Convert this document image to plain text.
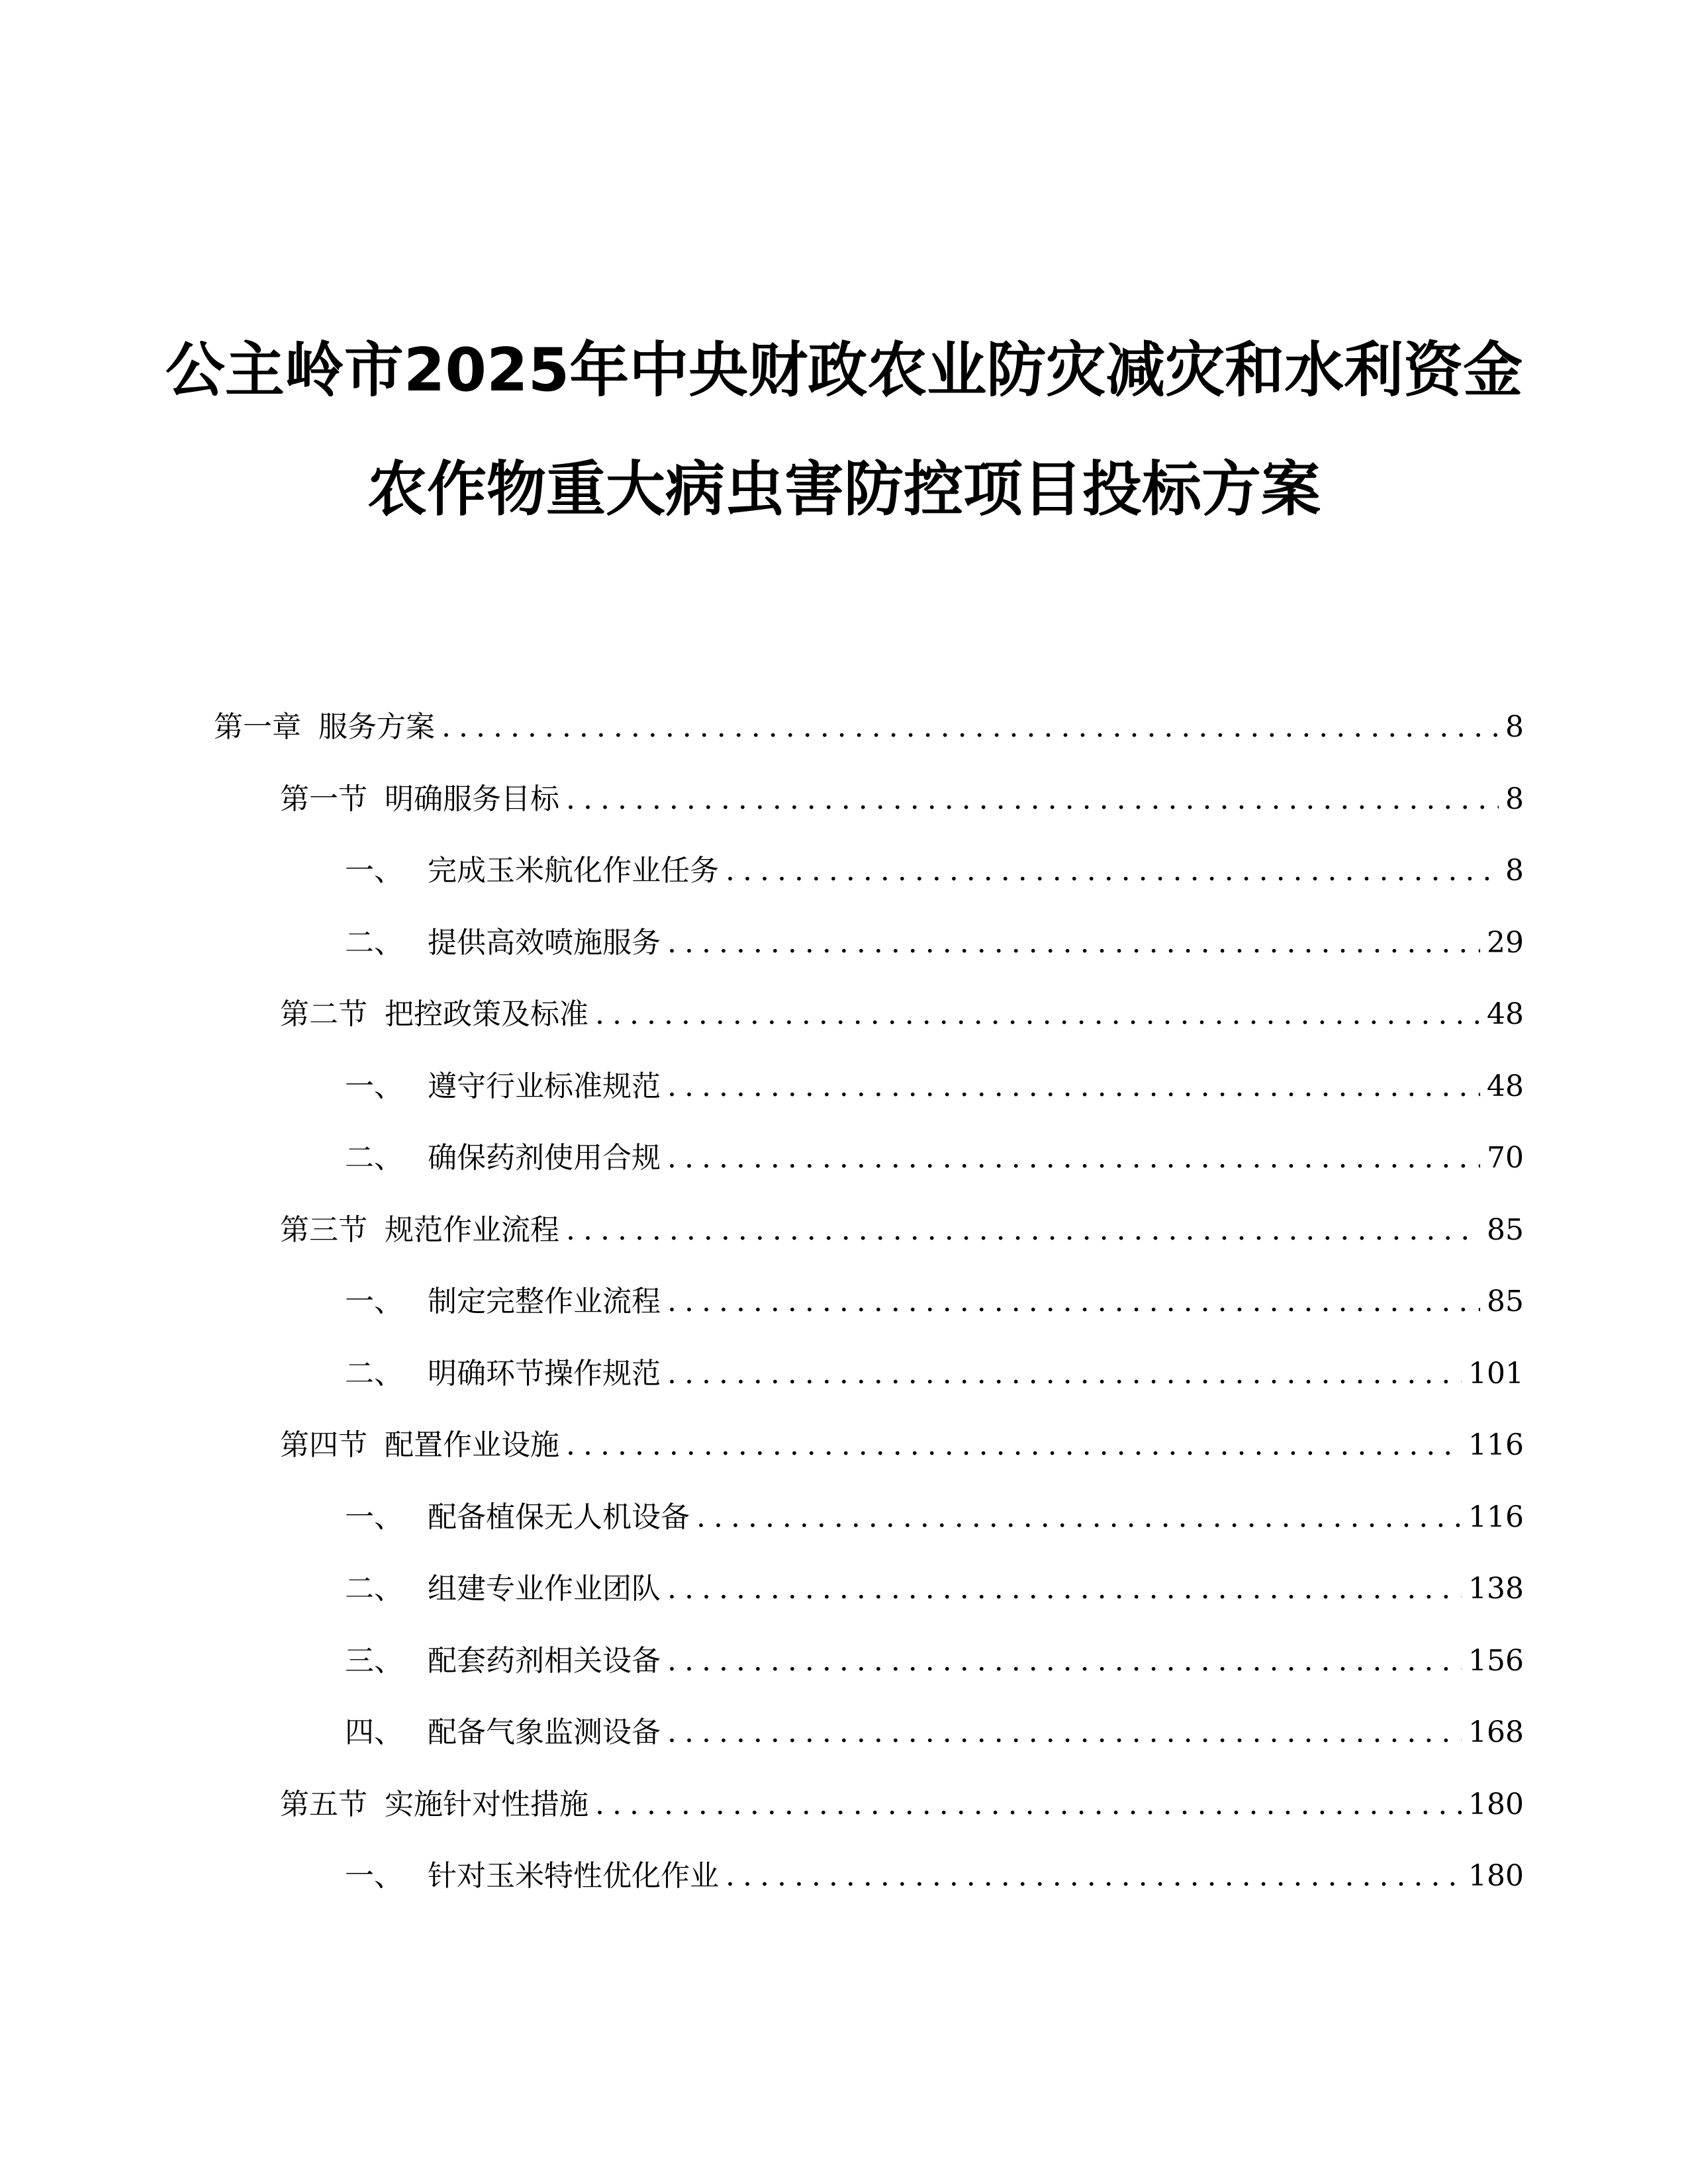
公主岭市2025年中央财政农业防灾减灾和水利资金
农作物重大病虫害防控项目投标方案
第一章 服务方案 .....	8
第一节 明确服务目标 .....	8
一、 完成玉米航化作业任务 .....	8
二、 提供高效喷施服务 .....	29
第二节 把控政策及标准 .....	48
一、 遵守行业标准规范 .....	48
二、 确保药剂使用合规 .....	70
第三节 规范作业流程 .....	85
一、 制定完整作业流程 .....	85
二、 明确环节操作规范 .....	101
第四节 配置作业设施 .....	116
一、 配备植保无人机设备 .....	116
二、 组建专业作业团队 .....	138
三、 配套药剂相关设备 .....	156
四、 配备气象监测设备 .....	168
第五节 实施针对性措施 .....	180
一、 针对玉米特性优化作业 .....	180
